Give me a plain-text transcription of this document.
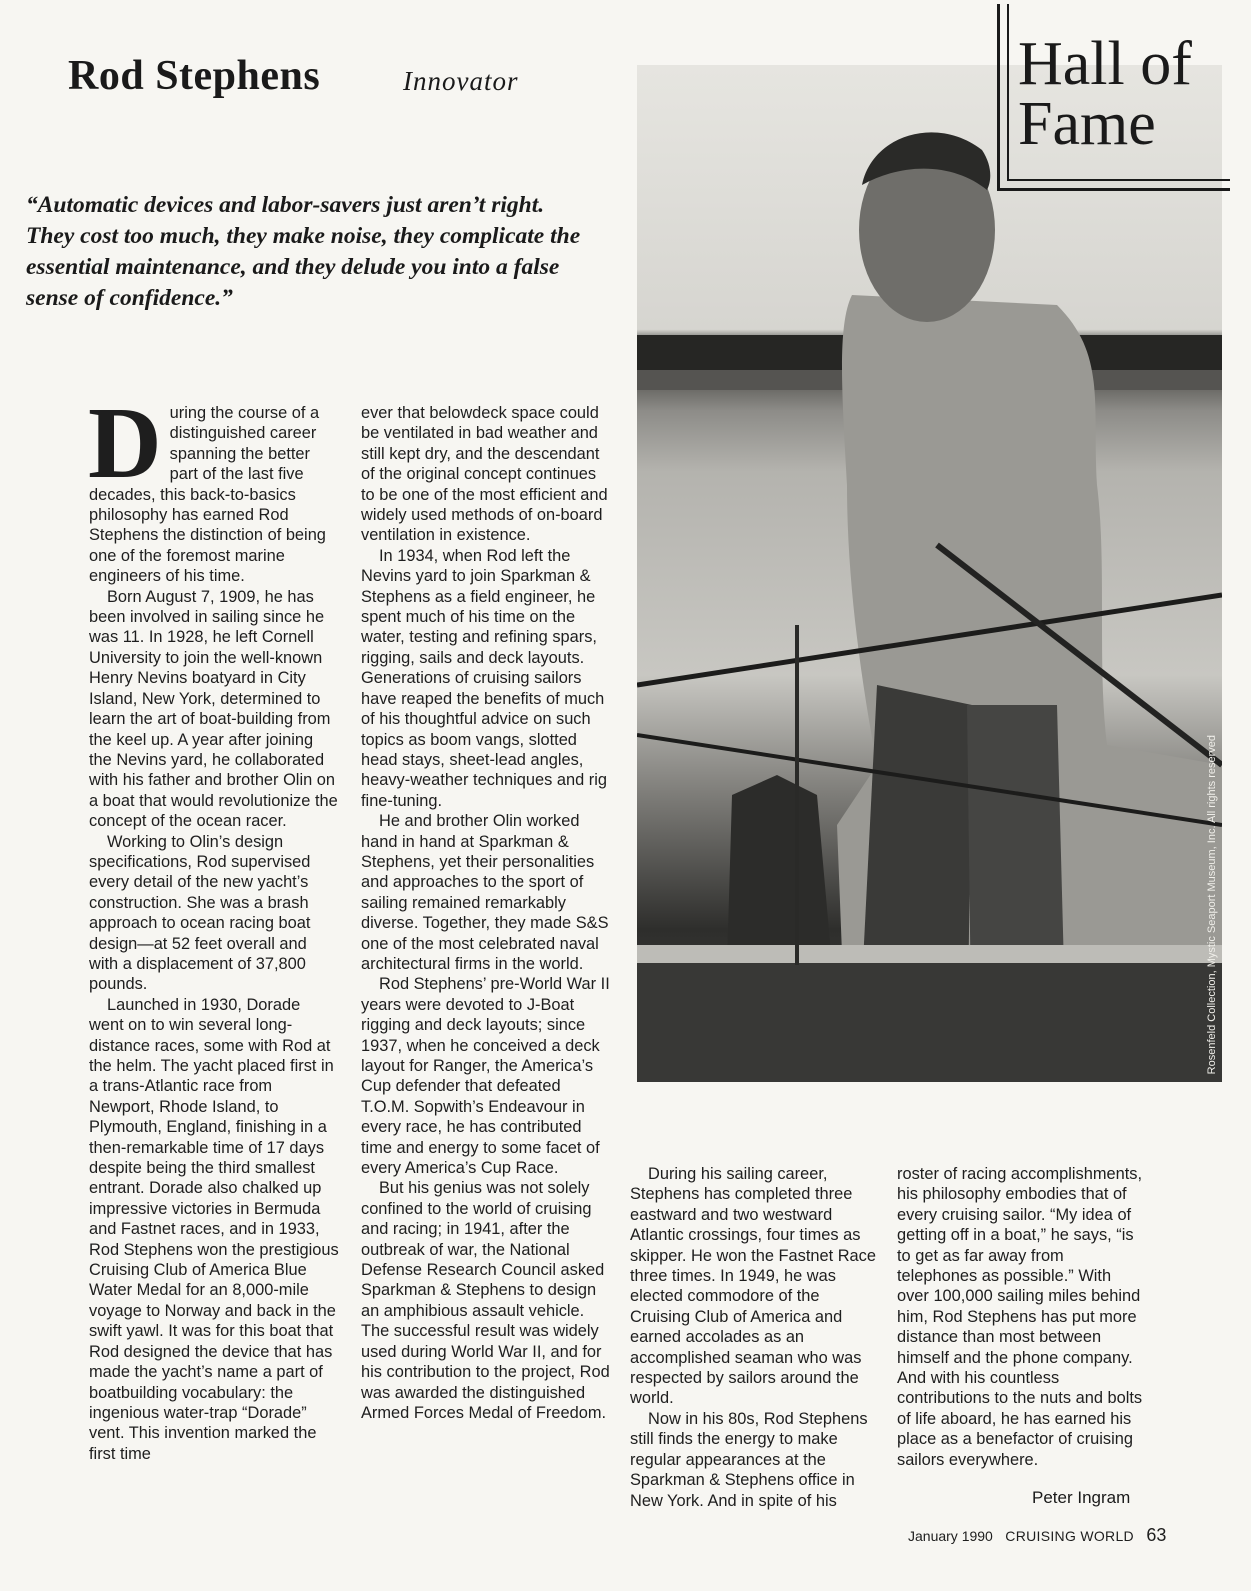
Rod Stephens	Innovator
“Automatic devices and labor-savers just aren’t right. They cost too much, they make noise, they complicate the essential maintenance, and they delude you into a false sense of confidence.”
Rosenfeld Collection, Mystic Seaport Museum, Inc. All rights reserved
Hall of
Fame

During the course of a distinguished career spanning the better part of the last five decades, this back-to-basics philosophy has earned Rod Stephens the distinction of being one of the foremost marine engineers of his time.

Born August 7, 1909, he has been involved in sailing since he was 11. In 1928, he left Cornell University to join the well-known Henry Nevins boatyard in City Island, New York, determined to learn the art of boat-building from the keel up. A year after joining the Nevins yard, he collaborated with his father and brother Olin on a boat that would revolutionize the concept of the ocean racer.

Working to Olin’s design specifications, Rod supervised every detail of the new yacht’s construction. She was a brash approach to ocean racing boat design—at 52 feet overall and with a displacement of 37,800 pounds.

Launched in 1930, Dorade went on to win several long-distance races, some with Rod at the helm. The yacht placed first in a trans-Atlantic race from Newport, Rhode Island, to Plymouth, England, finishing in a then-remarkable time of 17 days despite being the third smallest entrant. Dorade also chalked up impressive victories in Bermuda and Fastnet races, and in 1933, Rod Stephens won the prestigious Cruising Club of America Blue Water Medal for an 8,000-mile voyage to Norway and back in the swift yawl. It was for this boat that Rod designed the device that has made the yacht’s name a part of boatbuilding vocabulary: the ingenious water-trap “Dorade” vent. This invention marked the first time

ever that belowdeck space could be ventilated in bad weather and still kept dry, and the descendant of the original concept continues to be one of the most efficient and widely used methods of on-board ventilation in existence.

In 1934, when Rod left the Nevins yard to join Sparkman & Stephens as a field engineer, he spent much of his time on the water, testing and refining spars, rigging, sails and deck layouts. Generations of cruising sailors have reaped the benefits of much of his thoughtful advice on such topics as boom vangs, slotted head stays, sheet-lead angles, heavy-weather techniques and rig fine-tuning.

He and brother Olin worked hand in hand at Sparkman & Stephens, yet their personalities and approaches to the sport of sailing remained remarkably diverse. Together, they made S&S one of the most celebrated naval architectural firms in the world.

Rod Stephens’ pre-World War II years were devoted to J-Boat rigging and deck layouts; since 1937, when he conceived a deck layout for Ranger, the America’s Cup defender that defeated T.O.M. Sopwith’s Endeavour in every race, he has contributed time and energy to some facet of every America’s Cup Race.

But his genius was not solely confined to the world of cruising and racing; in 1941, after the outbreak of war, the National Defense Research Council asked Sparkman & Stephens to design an amphibious assault vehicle. The successful result was widely used during World War II, and for his contribution to the project, Rod was awarded the distinguished Armed Forces Medal of Freedom.

During his sailing career, Stephens has completed three eastward and two westward Atlantic crossings, four times as skipper. He won the Fastnet Race three times. In 1949, he was elected commodore of the Cruising Club of America and earned accolades as an accomplished seaman who was respected by sailors around the world.

Now in his 80s, Rod Stephens still finds the energy to make regular appearances at the Sparkman & Stephens office in New York. And in spite of his

roster of racing accomplishments, his philosophy embodies that of every cruising sailor. “My idea of getting off in a boat,” he says, “is to get as far away from telephones as possible.” With over 100,000 sailing miles behind him, Rod Stephens has put more distance than most between himself and the phone company. And with his countless contributions to the nuts and bolts of life aboard, he has earned his place as a benefactor of cruising sailors everywhere.

Peter Ingram
January 1990 CRUISING WORLD 63
